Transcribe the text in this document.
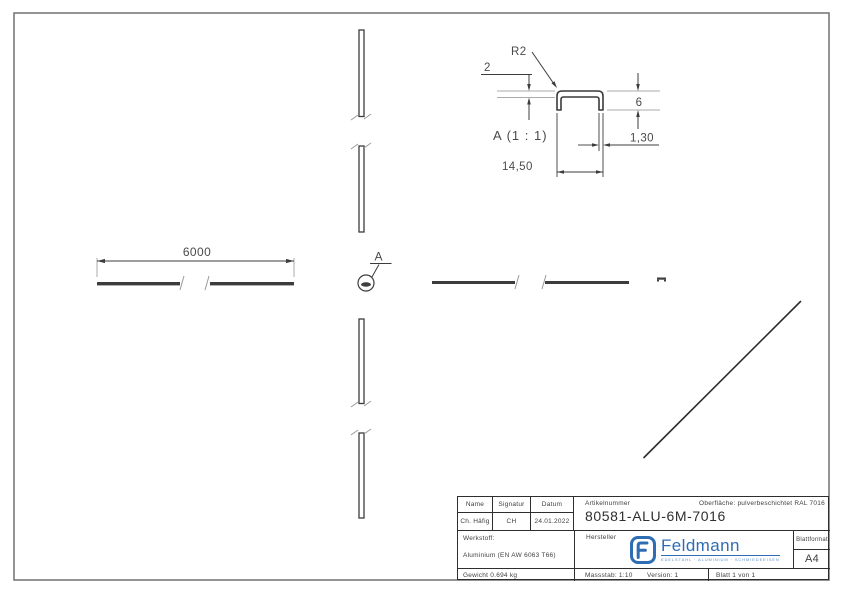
6000	A
2
6
R2
14,50
1,30
A (1 : 1)
Name Signatur	Datum
Ch. Häfig	CH	24.01.2022
Artikelnummer
80581-ALU-6M-7016
Oberfläche: pulverbeschichtet RAL 7016
Werkstoff:
Aluminium (EN AW 6063 T66)
Hersteller	Feldmann
EDELSTAHL · ALUMINIUM · SCHMIEDEEISEN
Blattformat
A4
Gewicht 0.694 kg	Massstab: 1:10 Version: 1	Blatt 1 von 1
